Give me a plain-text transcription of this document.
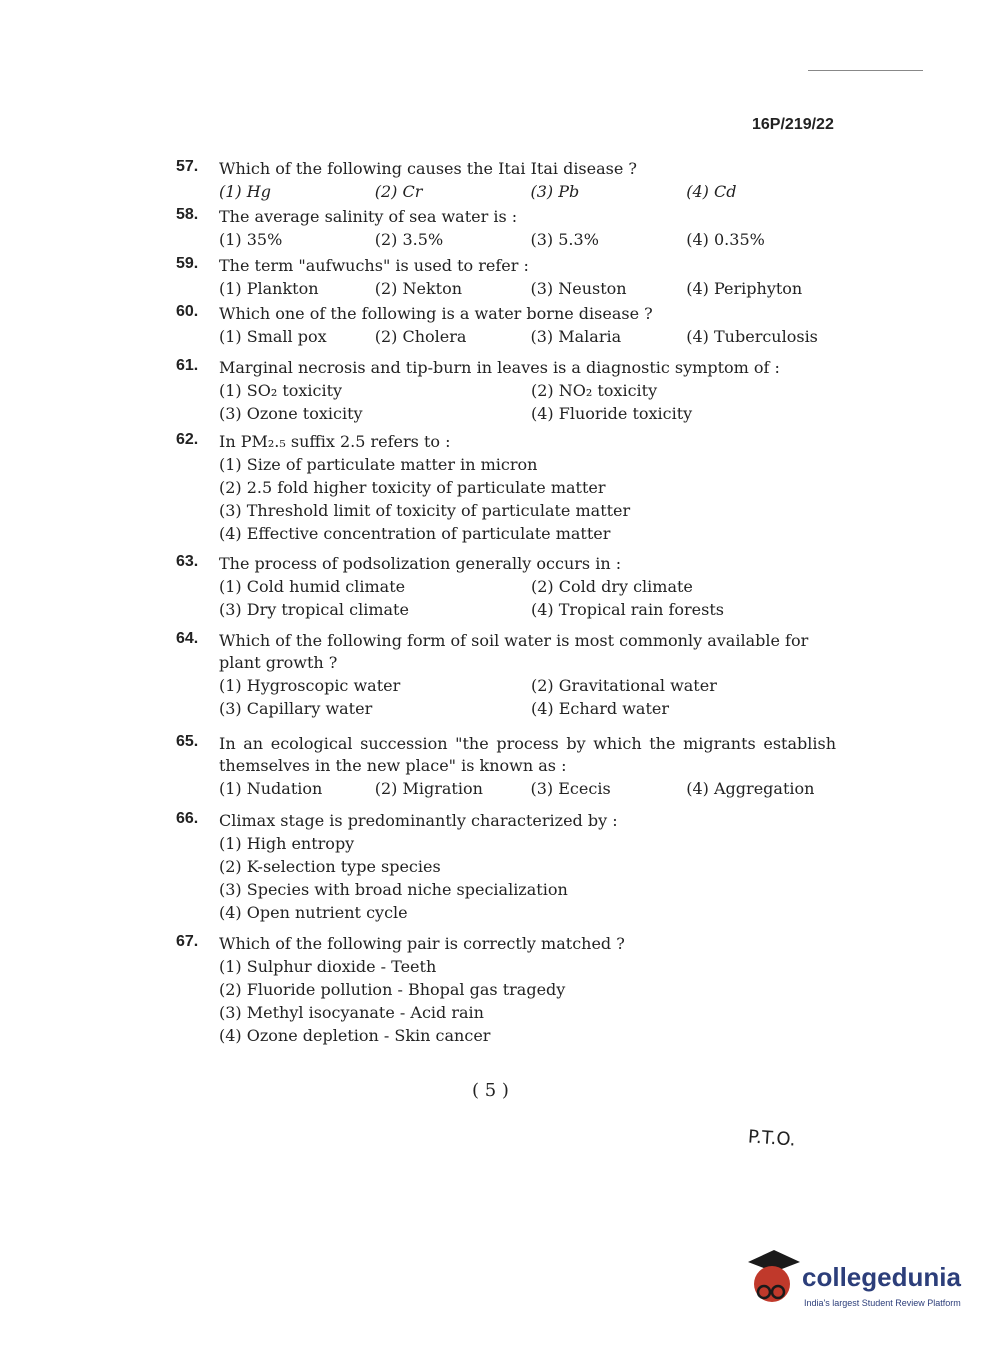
16P/219/22
57. Which of the following causes the Itai Itai disease ?
(1) Hg	(2) Cr	(3) Pb	(4) Cd
58. The average salinity of sea water is :
(1) 35%	(2) 3.5%	(3) 5.3%	(4) 0.35%
59. The term "aufwuchs" is used to refer :
(1) Plankton	(2) Nekton	(3) Neuston	(4) Periphyton
60. Which one of the following is a water borne disease ?
(1) Small pox	(2) Cholera	(3) Malaria	(4) Tuberculosis
61. Marginal necrosis and tip-burn in leaves is a diagnostic symptom of :
(1) SO₂ toxicity	(2) NO₂ toxicity
(3) Ozone toxicity	(4) Fluoride toxicity
62. In PM₂.₅ suffix 2.5 refers to :
(1) Size of particulate matter in micron
(2) 2.5 fold higher toxicity of particulate matter
(3) Threshold limit of toxicity of particulate matter
(4) Effective concentration of particulate matter
63. The process of podsolization generally occurs in :
(1) Cold humid climate	(2) Cold dry climate
(3) Dry tropical climate	(4) Tropical rain forests
64. Which of the following form of soil water is most commonly available for plant growth ?
(1) Hygroscopic water	(2) Gravitational water
(3) Capillary water	(4) Echard water
65. In an ecological succession "the process by which the migrants establish themselves in the new place" is known as :
(1) Nudation	(2) Migration	(3) Ececis	(4) Aggregation
66. Climax stage is predominantly characterized by :
(1) High entropy
(2) K-selection type species
(3) Species with broad niche specialization
(4) Open nutrient cycle
67. Which of the following pair is correctly matched ?
(1) Sulphur dioxide - Teeth
(2) Fluoride pollution - Bhopal gas tragedy
(3) Methyl isocyanate - Acid rain
(4) Ozone depletion - Skin cancer
( 5 )
P.T.O.
collegedunia
India's largest Student Review Platform
